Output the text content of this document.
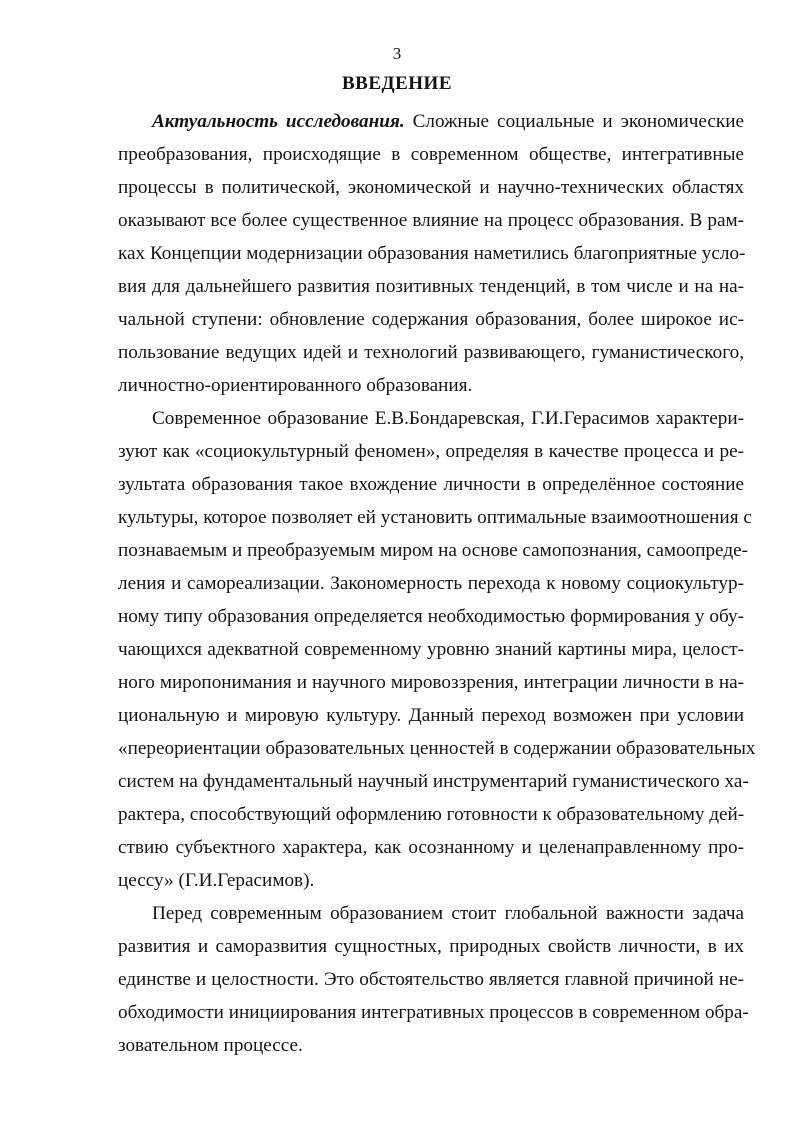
3
ВВЕДЕНИЕ
Актуальность исследования. Сложные социальные и экономические
преобразования, происходящие в современном обществе, интегративные
процессы в политической, экономической и научно-технических областях
оказывают все более существенное влияние на процесс образования. В рам-
ках Концепции модернизации образования наметились благоприятные усло-
вия для дальнейшего развития позитивных тенденций, в том числе и на на-
чальной ступени: обновление содержания образования, более широкое ис-
пользование ведущих идей и технологий развивающего, гуманистического,
личностно-ориентированного образования.
Современное образование Е.В.Бондаревская, Г.И.Герасимов характери-
зуют как «социокультурный феномен», определяя в качестве процесса и ре-
зультата образования такое вхождение личности в определённое состояние
культуры, которое позволяет ей установить оптимальные взаимоотношения с
познаваемым и преобразуемым миром на основе самопознания, самоопреде-
ления и самореализации. Закономерность перехода к новому социокультур-
ному типу образования определяется необходимостью формирования у обу-
чающихся адекватной современному уровню знаний картины мира, целост-
ного миропонимания и научного мировоззрения, интеграции личности в на-
циональную и мировую культуру. Данный переход возможен при условии
«переориентации образовательных ценностей в содержании образовательных
систем на фундаментальный научный инструментарий гуманистического ха-
рактера, способствующий оформлению готовности к образовательному дей-
ствию субъектного характера, как осознанному и целенаправленному про-
цессу» (Г.И.Герасимов).
Перед современным образованием стоит глобальной важности задача
развития и саморазвития сущностных, природных свойств личности, в их
единстве и целостности. Это обстоятельство является главной причиной не-
обходимости инициирования интегративных процессов в современном обра-
зовательном процессе.
